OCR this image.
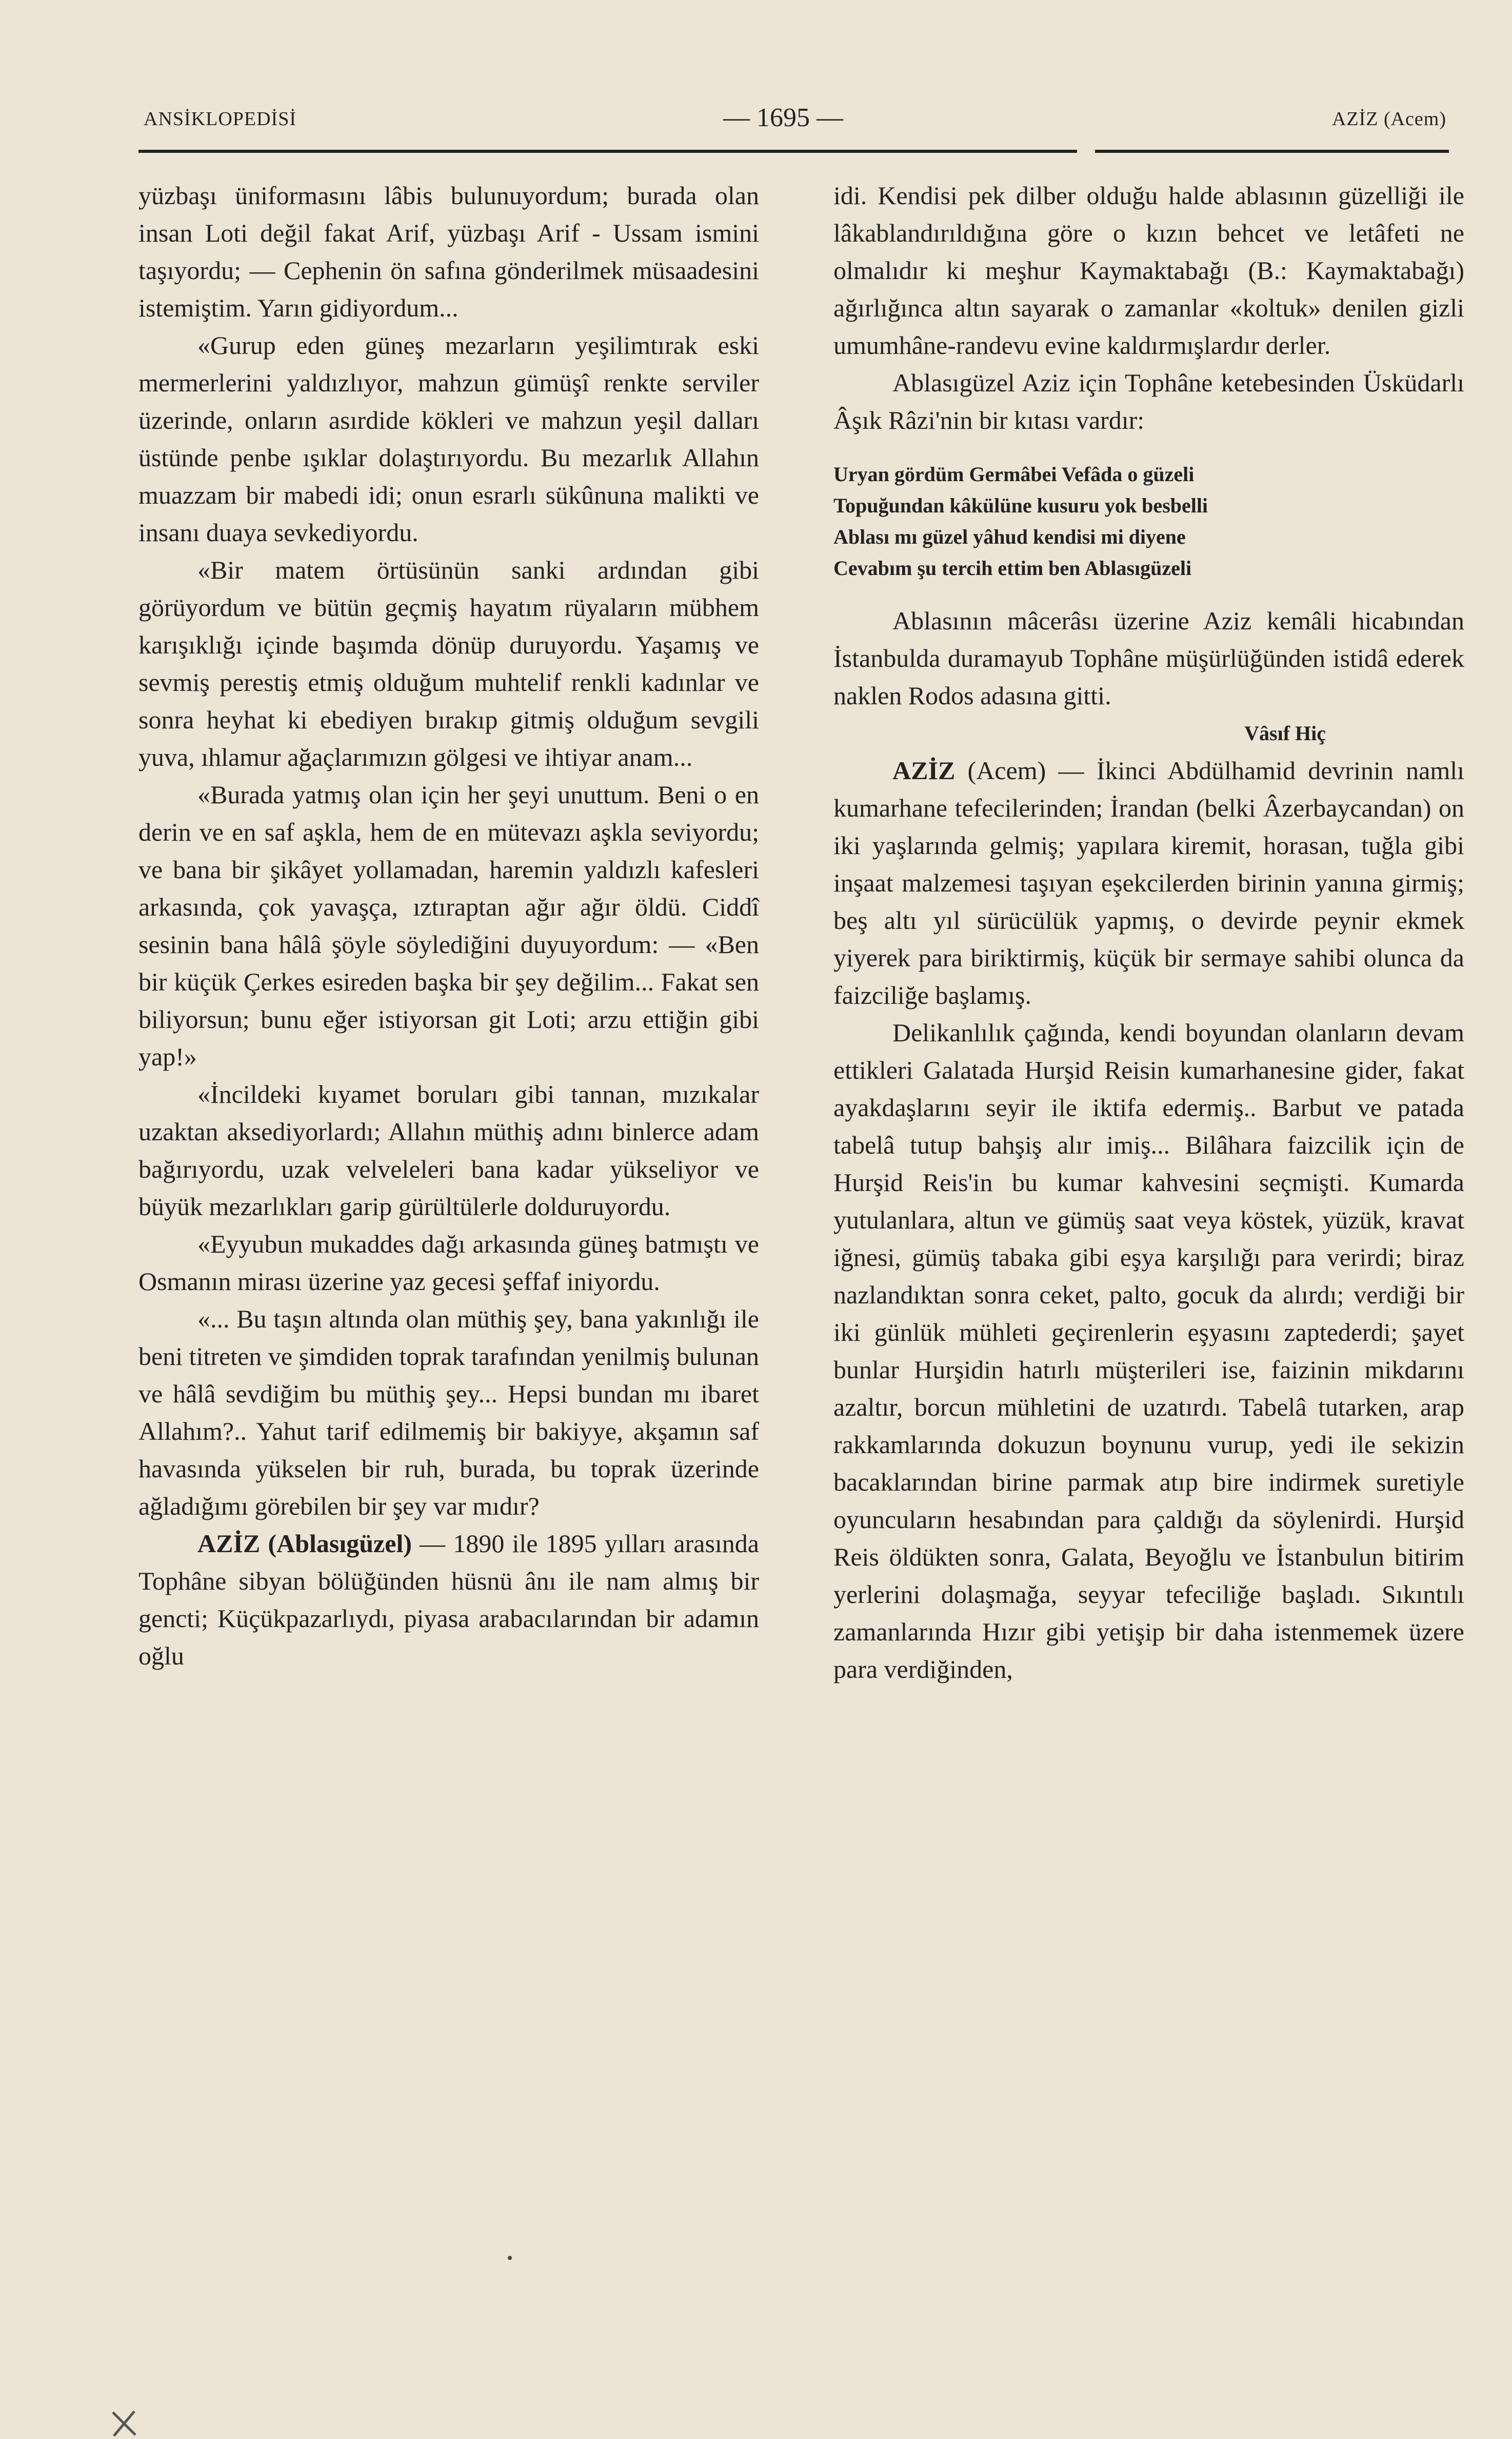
ANSİKLOPEDİSİ	— 1695 —	AZİZ (Acem)

yüzbaşı üniformasını lâbis bulunuyordum; burada olan insan Loti değil fakat Arif, yüzbaşı Arif - Ussam ismini taşıyordu; — Cephenin ön safına gönderilmek müsaadesini istemiştim. Yarın gidiyordum...

«Gurup eden güneş mezarların yeşilimtırak eski mermerlerini yaldızlıyor, mahzun gümüşî renkte serviler üzerinde, onların asırdide kökleri ve mahzun yeşil dalları üstünde penbe ışıklar dolaştırıyordu. Bu mezarlık Allahın muazzam bir mabedi idi; onun esrarlı sükûnuna malikti ve insanı duaya sevkediyordu.

«Bir matem örtüsünün sanki ardından gibi görüyordum ve bütün geçmiş hayatım rüyaların mübhem karışıklığı içinde başımda dönüp duruyordu. Yaşamış ve sevmiş perestiş etmiş olduğum muhtelif renkli kadınlar ve sonra heyhat ki ebediyen bırakıp gitmiş olduğum sevgili yuva, ıhlamur ağaçlarımızın gölgesi ve ihtiyar anam...

«Burada yatmış olan için her şeyi unuttum. Beni o en derin ve en saf aşkla, hem de en mütevazı aşkla seviyordu; ve bana bir şikâyet yollamadan, haremin yaldızlı kafesleri arkasında, çok yavaşça, ıztıraptan ağır ağır öldü. Ciddî sesinin bana hâlâ şöyle söylediğini duyuyordum: — «Ben bir küçük Çerkes esireden başka bir şey değilim... Fakat sen biliyorsun; bunu eğer istiyorsan git Loti; arzu ettiğin gibi yap!»

«İncildeki kıyamet boruları gibi tannan, mızıkalar uzaktan aksediyorlardı; Allahın müthiş adını binlerce adam bağırıyordu, uzak velveleleri bana kadar yükseliyor ve büyük mezarlıkları garip gürültülerle dolduruyordu.

«Eyyubun mukaddes dağı arkasında güneş batmıştı ve Osmanın mirası üzerine yaz gecesi şeffaf iniyordu.

«... Bu taşın altında olan müthiş şey, bana yakınlığı ile beni titreten ve şimdiden toprak tarafından yenilmiş bulunan ve hâlâ sevdiğim bu müthiş şey... Hepsi bundan mı ibaret Allahım?.. Yahut tarif edilmemiş bir bakiyye, akşamın saf havasında yükselen bir ruh, burada, bu toprak üzerinde ağladığımı görebilen bir şey var mıdır?

AZİZ (Ablasıgüzel) — 1890 ile 1895 yılları arasında Tophâne sibyan bölüğünden hüsnü ânı ile nam almış bir gencti; Küçükpazarlıydı, piyasa arabacılarından bir adamın oğlu

idi. Kendisi pek dilber olduğu halde ablasının güzelliği ile lâkablandırıldığına göre o kızın behcet ve letâfeti ne olmalıdır ki meşhur Kaymaktabağı (B.: Kaymaktabağı) ağırlığınca altın sayarak o zamanlar «koltuk» denilen gizli umumhâne-randevu evine kaldırmışlardır derler.

Ablasıgüzel Aziz için Tophâne ketebesinden Üsküdarlı Âşık Râzi'nin bir kıtası vardır:

Uryan gördüm Germâbei Vefâda o güzeli
Topuğundan kâkülüne kusuru yok besbelli
Ablası mı güzel yâhud kendisi mi diyene
Cevabım şu tercih ettim ben Ablasıgüzeli

Ablasının mâcerâsı üzerine Aziz kemâli hicabından İstanbulda duramayub Tophâne müşürlüğünden istidâ ederek naklen Rodos adasına gitti.

Vâsıf Hiç

AZİZ (Acem) — İkinci Abdülhamid devrinin namlı kumarhane tefecilerinden; İrandan (belki Âzerbaycandan) on iki yaşlarında gelmiş; yapılara kiremit, horasan, tuğla gibi inşaat malzemesi taşıyan eşekcilerden birinin yanına girmiş; beş altı yıl sürücülük yapmış, o devirde peynir ekmek yiyerek para biriktirmiş, küçük bir sermaye sahibi olunca da faizciliğe başlamış.

Delikanlılık çağında, kendi boyundan olanların devam ettikleri Galatada Hurşid Reisin kumarhanesine gider, fakat ayakdaşlarını seyir ile iktifa edermiş.. Barbut ve patada tabelâ tutup bahşiş alır imiş... Bilâhara faizcilik için de Hurşid Reis'in bu kumar kahvesini seçmişti. Kumarda yutulanlara, altun ve gümüş saat veya köstek, yüzük, kravat iğnesi, gümüş tabaka gibi eşya karşılığı para verirdi; biraz nazlandıktan sonra ceket, palto, gocuk da alırdı; verdiği bir iki günlük mühleti geçirenlerin eşyasını zaptederdi; şayet bunlar Hurşidin hatırlı müşterileri ise, faizinin mikdarını azaltır, borcun mühletini de uzatırdı. Tabelâ tutarken, arap rakkamlarında dokuzun boynunu vurup, yedi ile sekizin bacaklarından birine parmak atıp bire indirmek suretiyle oyuncuların hesabından para çaldığı da söylenirdi. Hurşid Reis öldükten sonra, Galata, Beyoğlu ve İstanbulun bitirim yerlerini dolaşmağa, seyyar tefeciliğe başladı. Sıkıntılı zamanlarında Hızır gibi yetişip bir daha istenmemek üzere para verdiğinden,
